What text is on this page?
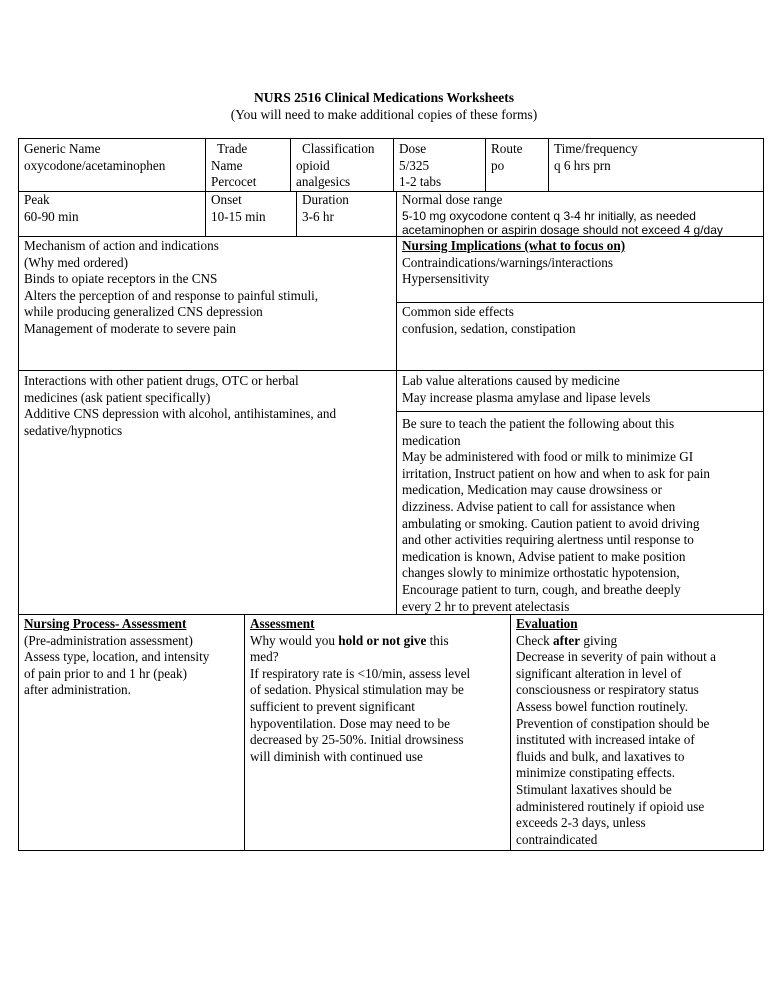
NURS 2516 Clinical Medications Worksheets
(You will need to make additional copies of these forms)
Generic Name
oxycodone/acetaminophen
Trade
Name
Percocet
Classification
opioid
analgesics
Dose
5/325
1-2 tabs
Route
po
Time/frequency
q 6 hrs prn
Peak
60-90 min
Onset
10-15 min
Duration
3-6 hr
Normal dose range
5-10 mg oxycodone content q 3-4 hr initially, as needed
acetaminophen or aspirin dosage should not exceed 4 g/day
Mechanism of action and indications
(Why med ordered)
Binds to opiate receptors in the CNS
Alters the perception of and response to painful stimuli,
while producing generalized CNS depression
Management of moderate to severe pain
Nursing Implications (what to focus on)
Contraindications/warnings/interactions
Hypersensitivity
Common side effects
confusion, sedation, constipation
Interactions with other patient drugs, OTC or herbal
medicines (ask patient specifically)
Additive CNS depression with alcohol, antihistamines, and
sedative/hypnotics
Lab value alterations caused by medicine
May increase plasma amylase and lipase levels
Be sure to teach the patient the following about this
medication
May be administered with food or milk to minimize GI
irritation, Instruct patient on how and when to ask for pain
medication, Medication may cause drowsiness or
dizziness. Advise patient to call for assistance when
ambulating or smoking. Caution patient to avoid driving
and other activities requiring alertness until response to
medication is known, Advise patient to make position
changes slowly to minimize orthostatic hypotension,
Encourage patient to turn, cough, and breathe deeply
every 2 hr to prevent atelectasis
Nursing Process- Assessment
(Pre-administration assessment)
Assess type, location, and intensity
of pain prior to and 1 hr (peak)
after administration.
Assessment
Why would you hold or not give this
med?
If respiratory rate is <10/min, assess level
of sedation. Physical stimulation may be
sufficient to prevent significant
hypoventilation. Dose may need to be
decreased by 25-50%. Initial drowsiness
will diminish with continued use
Evaluation
Check after giving
Decrease in severity of pain without a
significant alteration in level of
consciousness or respiratory status
Assess bowel function routinely.
Prevention of constipation should be
instituted with increased intake of
fluids and bulk, and laxatives to
minimize constipating effects.
Stimulant laxatives should be
administered routinely if opioid use
exceeds 2-3 days, unless
contraindicated
